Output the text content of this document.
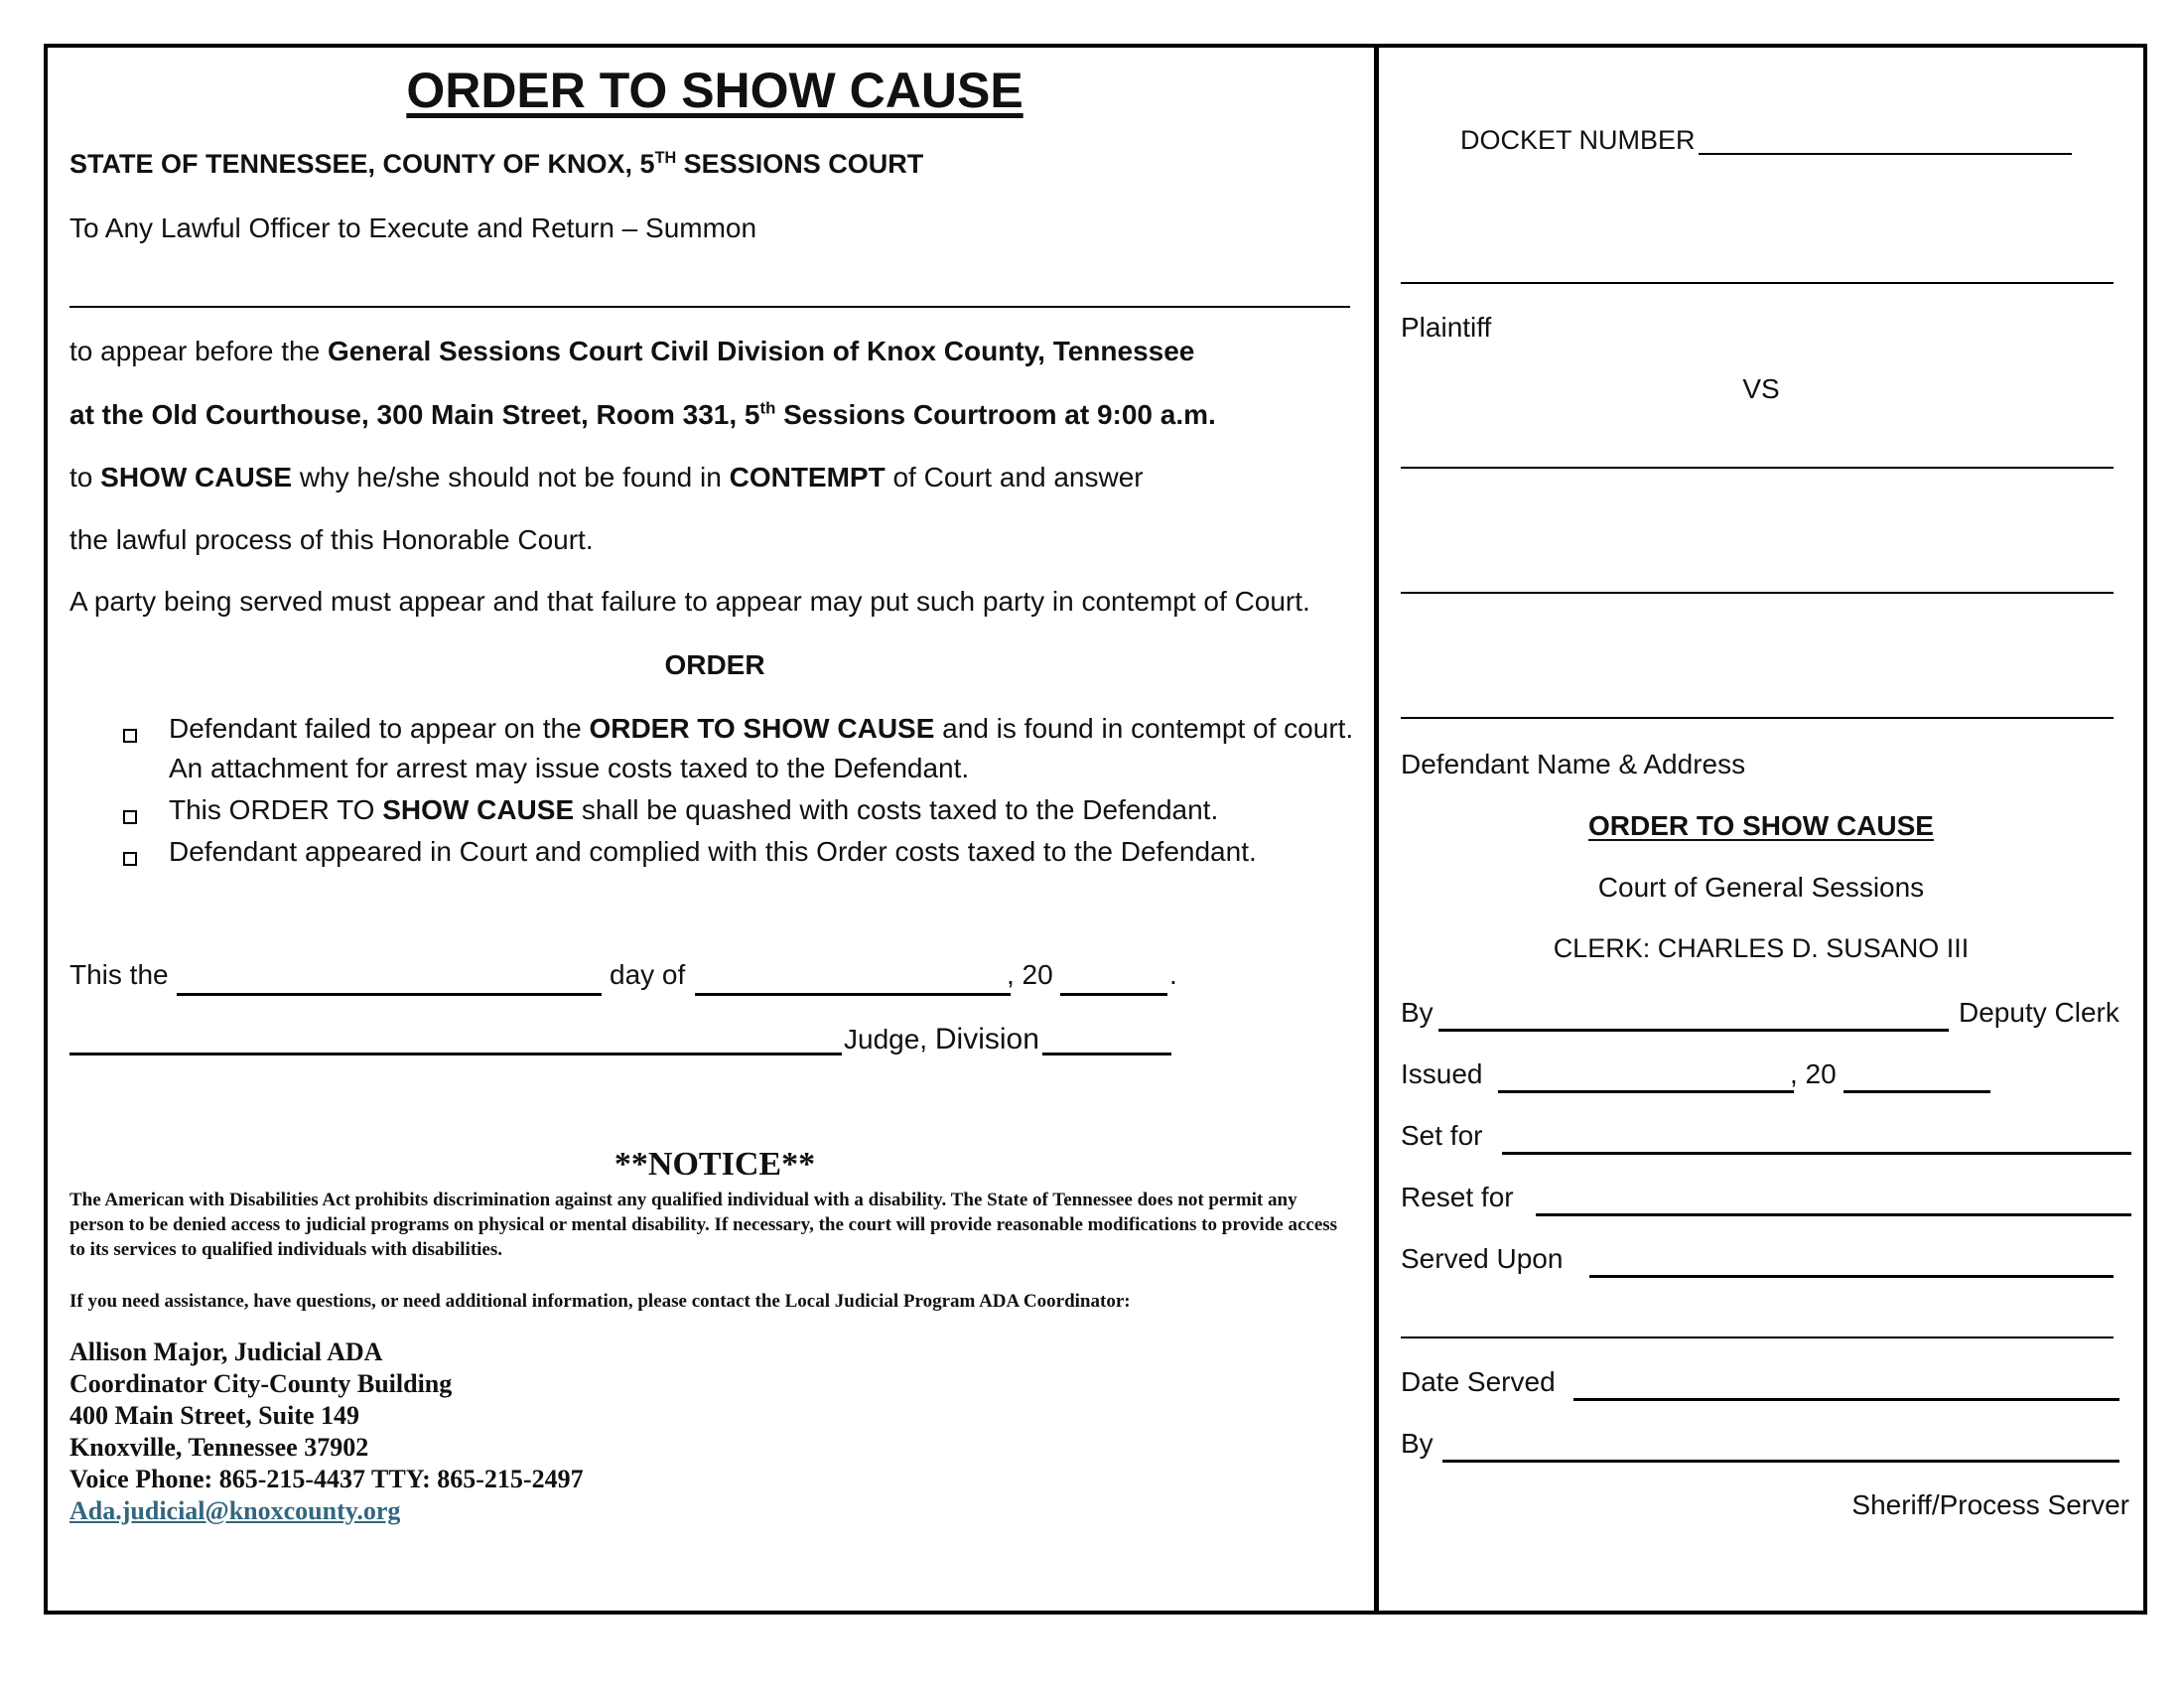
ORDER TO SHOW CAUSE
STATE OF TENNESSEE, COUNTY OF KNOX, 5TH SESSIONS COURT
To Any Lawful Officer to Execute and Return – Summon
to appear before the General Sessions Court Civil Division of Knox County, Tennessee
at the Old Courthouse, 300 Main Street, Room 331, 5th Sessions Courtroom at 9:00 a.m.
to SHOW CAUSE why he/she should not be found in CONTEMPT of Court and answer
the lawful process of this Honorable Court.
A party being served must appear and that failure to appear may put such party in contempt of Court.
ORDER
Defendant failed to appear on the ORDER TO SHOW CAUSE and is found in contempt of court.
An attachment for arrest may issue costs taxed to the Defendant.
This ORDER TO SHOW CAUSE shall be quashed with costs taxed to the Defendant.
Defendant appeared in Court and complied with this Order costs taxed to the Defendant.
This the	day of	, 20	.
Judge, Division
**NOTICE**
The American with Disabilities Act prohibits discrimination against any qualified individual with a disability. The State of Tennessee does not permit any person to be denied access to judicial programs on physical or mental disability. If necessary, the court will provide reasonable modifications to provide access to its services to qualified individuals with disabilities.
If you need assistance, have questions, or need additional information, please contact the Local Judicial Program ADA Coordinator:
Allison Major, Judicial ADA
Coordinator City-County Building
400 Main Street, Suite 149
Knoxville, Tennessee 37902
Voice Phone: 865-215-4437 TTY: 865-215-2497
Ada.judicial@knoxcounty.org
DOCKET NUMBER
Plaintiff
VS
Defendant Name & Address
ORDER TO SHOW CAUSE
Court of General Sessions
CLERK: CHARLES D. SUSANO III
By	Deputy Clerk
Issued	, 20
Set for
Reset for
Served Upon
Date Served
By
Sheriff/Process Server
